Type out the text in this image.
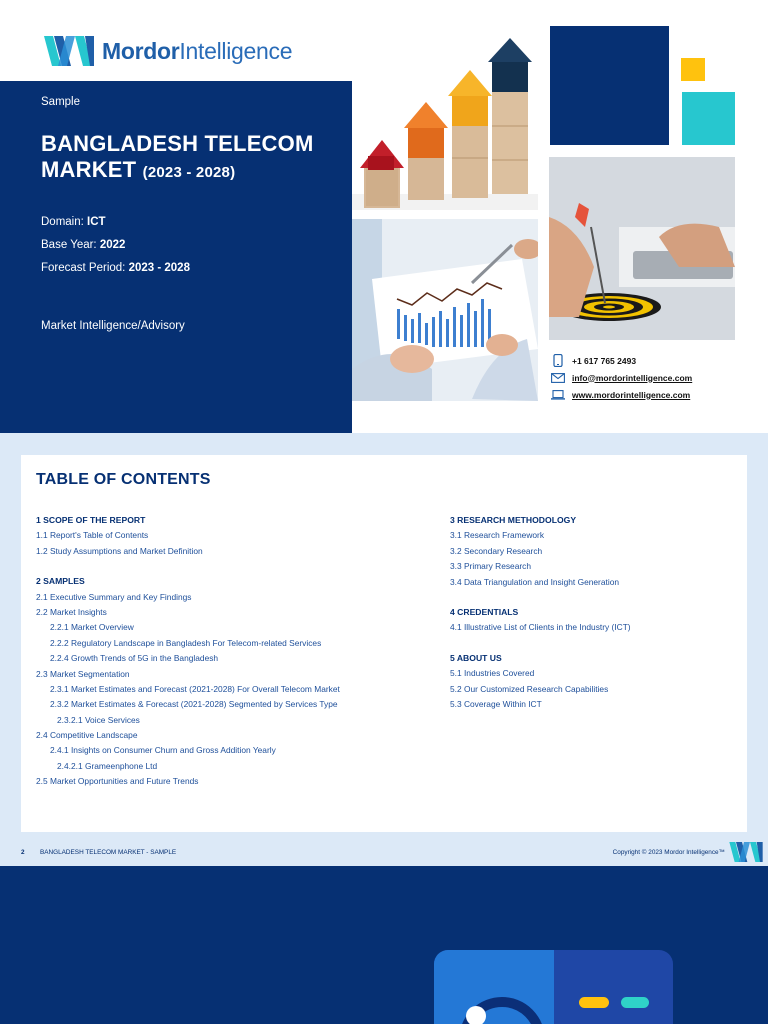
MordorIntelligence
Sample
BANGLADESH TELECOM
MARKET (2023 - 2028)
Domain: ICT
Base Year: 2022
Forecast Period: 2023 - 2028
Market Intelligence/Advisory
+1 617 765 2493
info@mordorintelligence.com
www.mordorintelligence.com
TABLE OF CONTENTS
1 SCOPE OF THE REPORT
1.1 Report's Table of Contents
1.2 Study Assumptions and Market Definition
2 SAMPLES
2.1 Executive Summary and Key Findings
2.2 Market Insights
2.2.1 Market Overview
2.2.2 Regulatory Landscape in Bangladesh For Telecom-related Services
2.2.4 Growth Trends of 5G in the Bangladesh
2.3 Market Segmentation
2.3.1 Market Estimates and Forecast (2021-2028) For Overall Telecom Market
2.3.2 Market Estimates & Forecast (2021-2028) Segmented by Services Type
2.3.2.1 Voice Services
2.4 Competitive Landscape
2.4.1 Insights on Consumer Churn and Gross Addition Yearly
2.4.2.1 Grameenphone Ltd
2.5 Market Opportunities and Future Trends
3 RESEARCH METHODOLOGY
3.1 Research Framework
3.2 Secondary Research
3.3 Primary Research
3.4 Data Triangulation and Insight Generation
4 CREDENTIALS
4.1 Illustrative List of Clients in the Industry (ICT)
5 ABOUT US
5.1 Industries Covered
5.2 Our Customized Research Capabilities
5.3 Coverage Within ICT
2 BANGLADESH TELECOM MARKET - SAMPLE	Copyright © 2023 Mordor Intelligence™
